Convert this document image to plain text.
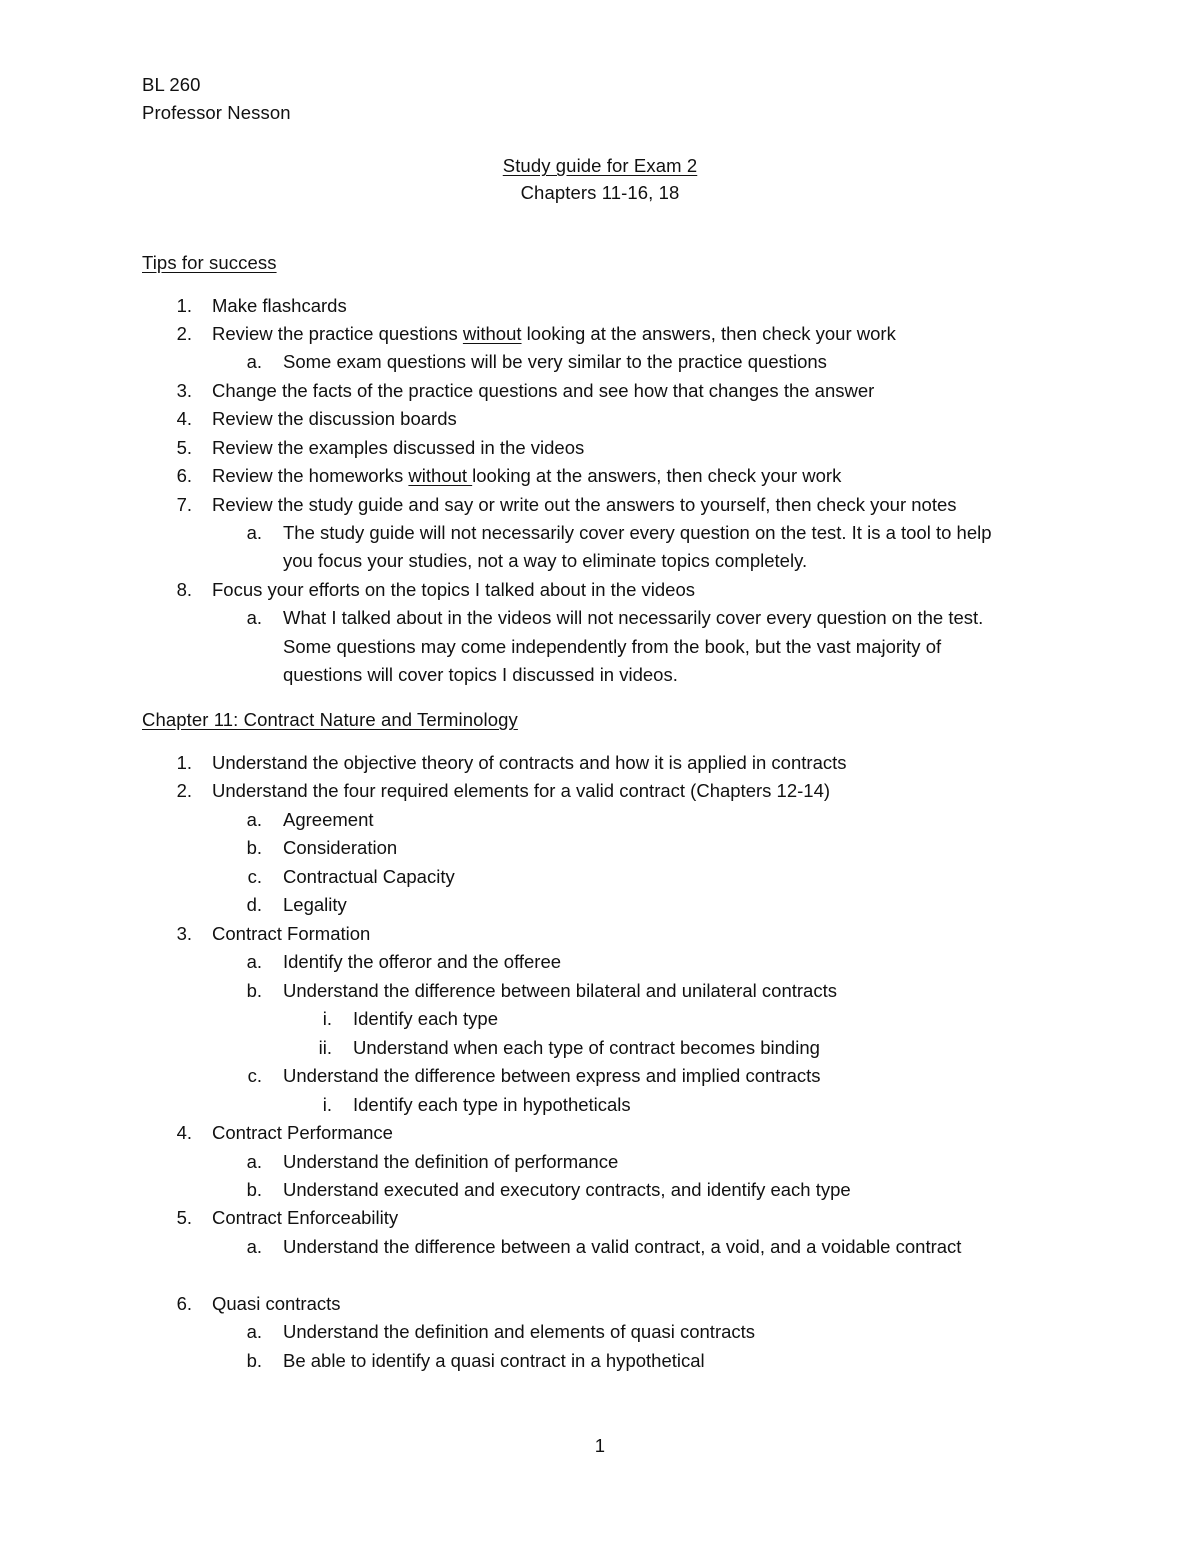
BL 260
Professor Nesson
Study guide for Exam 2
Chapters 11-16, 18
Tips for success
1. Make flashcards
2. Review the practice questions without looking at the answers, then check your work
a. Some exam questions will be very similar to the practice questions
3. Change the facts of the practice questions and see how that changes the answer
4. Review the discussion boards
5. Review the examples discussed in the videos
6. Review the homeworks without looking at the answers, then check your work
7. Review the study guide and say or write out the answers to yourself, then check your notes
a. The study guide will not necessarily cover every question on the test. It is a tool to help
you focus your studies, not a way to eliminate topics completely.
8. Focus your efforts on the topics I talked about in the videos
a. What I talked about in the videos will not necessarily cover every question on the test.
Some questions may come independently from the book, but the vast majority of
questions will cover topics I discussed in videos.
Chapter 11: Contract Nature and Terminology
1. Understand the objective theory of contracts and how it is applied in contracts
2. Understand the four required elements for a valid contract (Chapters 12-14)
a. Agreement
b. Consideration
c. Contractual Capacity
d. Legality
3. Contract Formation
a. Identify the offeror and the offeree
b. Understand the difference between bilateral and unilateral contracts
i. Identify each type
ii. Understand when each type of contract becomes binding
c. Understand the difference between express and implied contracts
i. Identify each type in hypotheticals
4. Contract Performance
a. Understand the definition of performance
b. Understand executed and executory contracts, and identify each type
5. Contract Enforceability
a. Understand the difference between a valid contract, a void, and a voidable contract
6. Quasi contracts
a. Understand the definition and elements of quasi contracts
b. Be able to identify a quasi contract in a hypothetical
1
